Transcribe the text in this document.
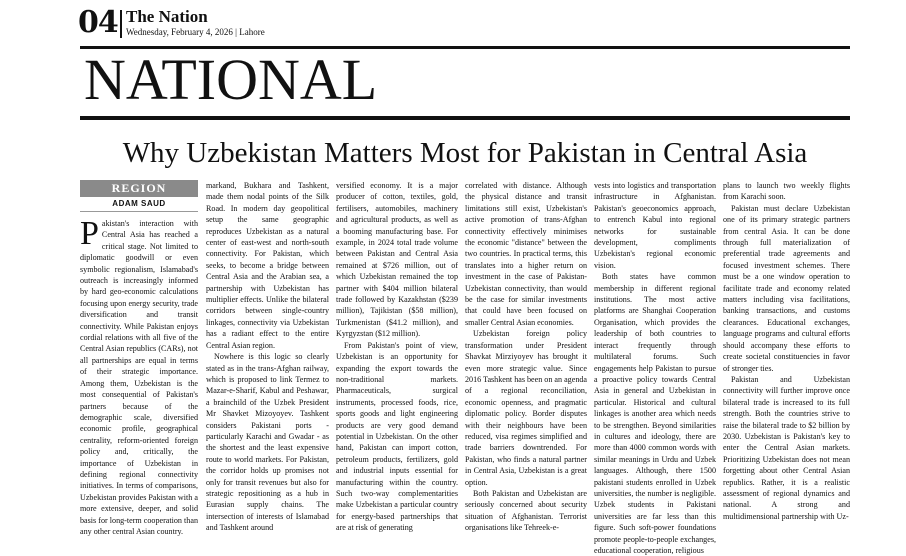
04 The Nation
Wednesday, February 4, 2026 | Lahore
NATIONAL
Why Uzbekistan Matters Most for Pakistan in Central Asia
REGION
ADAM SAUD

Pakistan's interaction with Central Asia has reached a critical stage. Not limited to diplomatic goodwill or even symbolic regionalism, Islamabad's outreach is increasingly informed by hard geo-economic calculations focusing upon energy security, trade diversification and transit connectivity. While Pakistan enjoys cordial relations with all five of the Central Asian republics (CARs), not all partnerships are equal in terms of their strategic importance. Among them, Uzbekistan is the most consequential of Pakistan's partners because of the demographic scale, diversified economic profile, geographical centrality, reform-oriented foreign policy and, critically, the importance of Uzbekistan in defining regional connectivity initiatives. In terms of comparisons, Uzbekistan provides Pakistan with a more extensive, deeper, and solid basis for long-term cooperation than any other central Asian country.

markand, Bukhara and Tashkent, made them nodal points of the Silk Road. In modern day geopolitical setup the same geographic reproduces Uzbekistan as a natural center of east-west and north-south connectivity. For Pakistan, which seeks, to become a bridge between Central Asia and the Arabian sea, a partnership with Uzbekistan has multiplier effects. Unlike the bilateral corridors between single-country linkages, connectivity via Uzbekistan has a radiant effect to the entire Central Asian region.

Nowhere is this logic so clearly stated as in the trans-Afghan railway, which is proposed to link Termez to Mazar-e-Sharif, Kabul and Peshawar, a brainchild of the Uzbek President Mr Shavket Mizoyoyev. Tashkent considers Pakistani ports - particularly Karachi and Gwadar - as the shortest and the least expensive route to world markets. For Pakistan, the corridor holds up promises not only for transit revenues but also for strategic repositioning as a hub in Eurasian supply chains. The intersection of interests of Islamabad and Tashkent around

versified economy. It is a major producer of cotton, textiles, gold, fertilisers, automobiles, machinery and agricultural products, as well as a booming manufacturing base. For example, in 2024 total trade volume between Pakistan and Central Asia remained at $726 million, out of which Uzbekistan remained the top partner with $404 million bilateral trade followed by Kazakhstan ($239 million), Tajikistan ($58 million), Turkmenistan ($41.2 million), and Kyrgyzstan ($12 million).

From Pakistan's point of view, Uzbekistan is an opportunity for expanding the export towards the non-traditional markets. Pharmaceuticals, surgical instruments, processed foods, rice, sports goods and light engineering products are very good demand potential in Uzbekistan. On the other hand, Pakistan can import cotton, petroleum products, fertilizers, gold and industrial inputs essential for manufacturing within the country. Such two-way complementarities make Uzbekistan a particular country for energy-based partnerships that are at risk of generating

correlated with distance. Although the physical distance and transit limitations still exist, Uzbekistan's active promotion of trans-Afghan connectivity effectively minimises the economic "distance" between the two countries. In practical terms, this translates into a higher return on investment in the case of Pakistan-Uzbekistan connectivity, than would be the case for similar investments that could have been focused on smaller Central Asian economies.

Uzbekistan foreign policy transformation under President Shavkat Mirziyoyev has brought it even more strategic value. Since 2016 Tashkent has been on an agenda of a regional reconciliation, economic openness, and pragmatic diplomatic policy. Border disputes with their neighbours have been reduced, visa regimes simplified and trade barriers downtrended. For Pakistan, who finds a natural partner in Central Asia, Uzbekistan is a great option.

Both Pakistan and Uzbekistan are seriously concerned about security situation of Afghanistan. Terrorist organisations like Tehreek-e-

vests into logistics and transportation infrastructure in Afghanistan. Pakistan's geoeconomics approach, to entrench Kabul into regional networks for sustainable development, compliments Uzbekistan's regional economic vision.

Both states have common membership in different regional institutions. The most active platforms are Shanghai Cooperation Organisation, which provides the leadership of both countries to interact frequently through multilateral forums. Such engagements help Pakistan to pursue a proactive policy towards Central Asia in general and Uzbekistan in particular. Historical and cultural linkages is another area which needs to be strengthen. Beyond similarities in cultures and ideology, there are more than 4000 common words with similar meanings in Urdu and Uzbek languages. Although, there 1500 pakistani students enrolled in Uzbek universities, the number is negligible. Uzbek students in Pakistani universities are far less than this figure. Such soft-power foundations promote people-to-people exchanges, educational cooperation, religious

plans to launch two weekly flights from Karachi soon.

Pakistan must declare Uzbekistan one of its primary strategic partners from central Asia. It can be done through full materialization of preferential trade agreements and focused investment schemes. There must be a one window operation to facilitate trade and economy related matters including visa facilitations, banking transactions, and customs clearances. Educational exchanges, language programs and cultural efforts should accompany these efforts to create societal constituencies in favor of stronger ties.

Pakistan and Uzbekistan connectivity will further improve once bilateral trade is increased to its full strength. Both the countries strive to raise the bilateral trade to $2 billion by 2030. Uzbekistan is Pakistan's key to enter the Central Asian markets. Prioritizing Uzbekistan does not mean forgetting about other Central Asian republics. Rather, it is a realistic assessment of regional dynamics and national. A strong and multidimensional partnership with Uz-
